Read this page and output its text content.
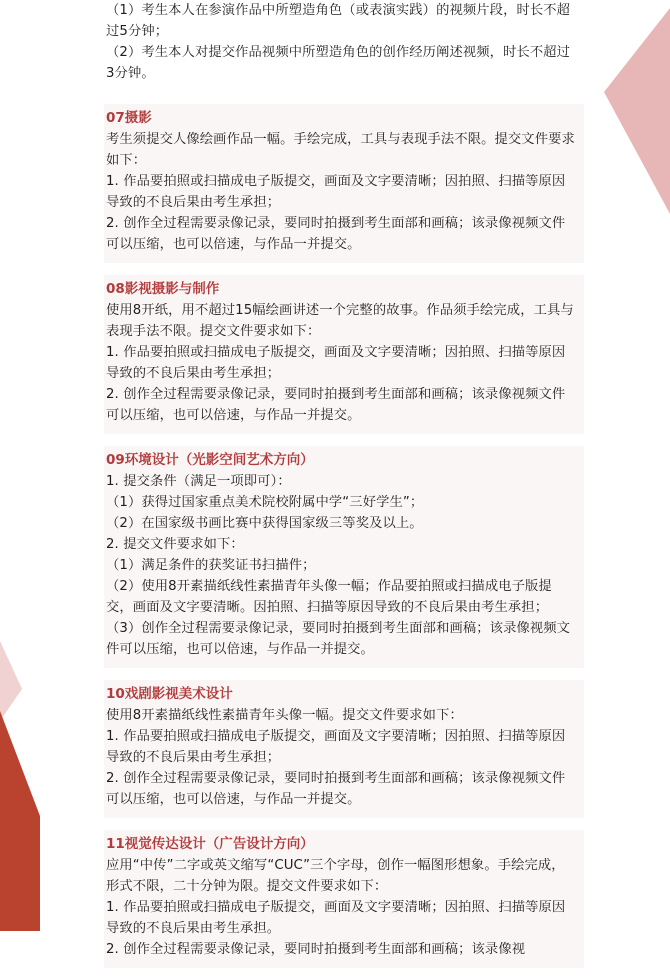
（1）考生本人在参演作品中所塑造角色（或表演实践）的视频片段，时长不超过5分钟；

（2）考生本人对提交作品视频中所塑造角色的创作经历阐述视频，时长不超过3分钟。

07摄影

考生须提交人像绘画作品一幅。手绘完成，工具与表现手法不限。提交文件要求如下：

1. 作品要拍照或扫描成电子版提交，画面及文字要清晰；因拍照、扫描等原因导致的不良后果由考生承担；

2. 创作全过程需要录像记录，要同时拍摄到考生面部和画稿；该录像视频文件可以压缩，也可以倍速，与作品一并提交。

08影视摄影与制作

使用8开纸，用不超过15幅绘画讲述一个完整的故事。作品须手绘完成，工具与表现手法不限。提交文件要求如下：

1. 作品要拍照或扫描成电子版提交，画面及文字要清晰；因拍照、扫描等原因导致的不良后果由考生承担；

2. 创作全过程需要录像记录，要同时拍摄到考生面部和画稿；该录像视频文件可以压缩，也可以倍速，与作品一并提交。

09环境设计（光影空间艺术方向）

1. 提交条件（满足一项即可）：

（1）获得过国家重点美术院校附属中学“三好学生”；

（2）在国家级书画比赛中获得国家级三等奖及以上。

2. 提交文件要求如下：

（1）满足条件的获奖证书扫描件；

（2）使用8开素描纸线性素描青年头像一幅；作品要拍照或扫描成电子版提交，画面及文字要清晰。因拍照、扫描等原因导致的不良后果由考生承担；

（3）创作全过程需要录像记录，要同时拍摄到考生面部和画稿；该录像视频文件可以压缩，也可以倍速，与作品一并提交。

10戏剧影视美术设计

使用8开素描纸线性素描青年头像一幅。提交文件要求如下：

1. 作品要拍照或扫描成电子版提交，画面及文字要清晰；因拍照、扫描等原因导致的不良后果由考生承担；

2. 创作全过程需要录像记录，要同时拍摄到考生面部和画稿；该录像视频文件可以压缩，也可以倍速，与作品一并提交。

11视觉传达设计（广告设计方向）

应用“中传”二字或英文缩写“CUC”三个字母，创作一幅图形想象。手绘完成，形式不限，二十分钟为限。提交文件要求如下：

1. 作品要拍照或扫描成电子版提交，画面及文字要清晰；因拍照、扫描等原因导致的不良后果由考生承担。

2. 创作全过程需要录像记录，要同时拍摄到考生面部和画稿；该录像视
